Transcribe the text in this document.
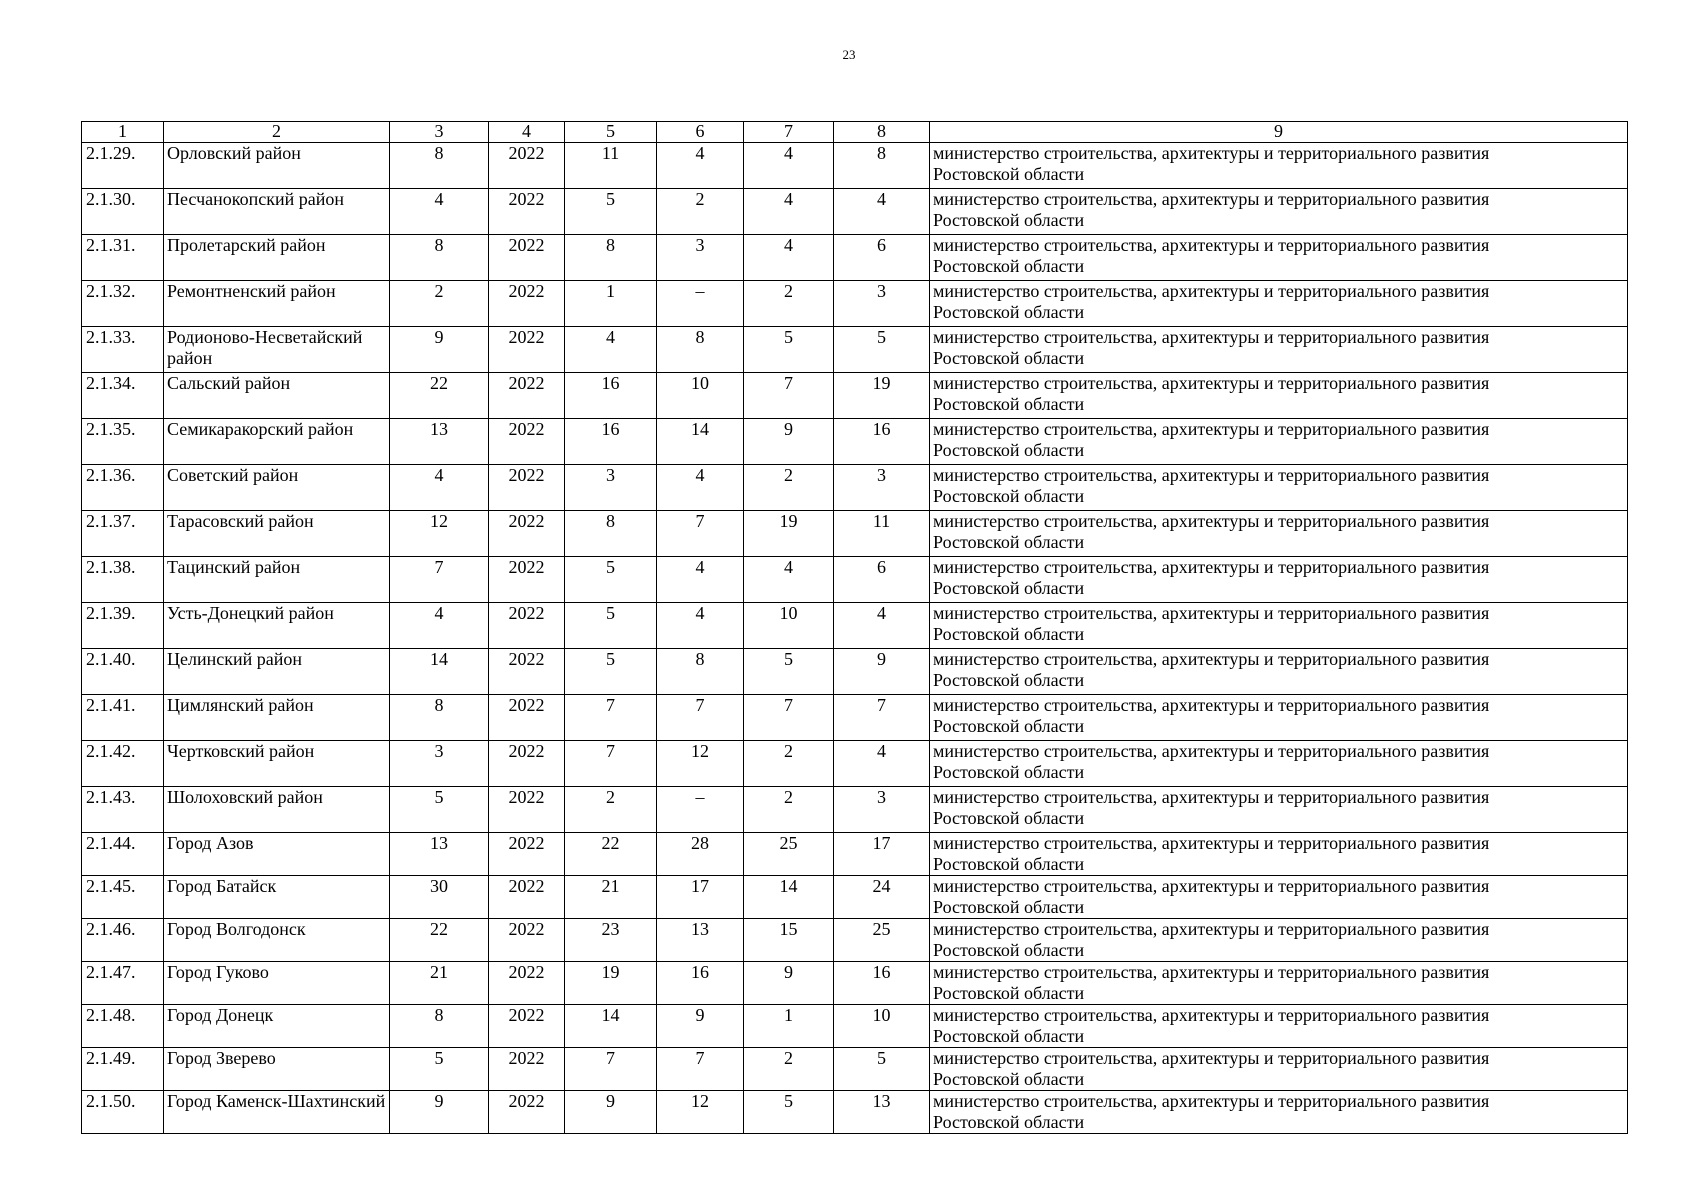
23
1	2	3	4	5	6	7	8	9
2.1.29.	Орловский район	8	2022	11	4	4	8	министерство строительства, архитектуры и территориального развития
Ростовской области

2.1.30.	Песчанокопский район	4	2022	5	2	4	4	министерство строительства, архитектуры и территориального развития
Ростовской области

2.1.31.	Пролетарский район	8	2022	8	3	4	6	министерство строительства, архитектуры и территориального развития
Ростовской области

2.1.32.	Ремонтненский район	2	2022	1	–	2	3	министерство строительства, архитектуры и территориального развития
Ростовской области

2.1.33.	Родионово-Несветайский район	9	2022	4	8	5	5	министерство строительства, архитектуры и территориального развития
Ростовской области

2.1.34.	Сальский район	22	2022	16	10	7	19	министерство строительства, архитектуры и территориального развития
Ростовской области

2.1.35.	Семикаракорский район	13	2022	16	14	9	16	министерство строительства, архитектуры и территориального развития
Ростовской области

2.1.36.	Советский район	4	2022	3	4	2	3	министерство строительства, архитектуры и территориального развития
Ростовской области

2.1.37.	Тарасовский район	12	2022	8	7	19	11	министерство строительства, архитектуры и территориального развития
Ростовской области

2.1.38.	Тацинский район	7	2022	5	4	4	6	министерство строительства, архитектуры и территориального развития
Ростовской области

2.1.39.	Усть-Донецкий район	4	2022	5	4	10	4	министерство строительства, архитектуры и территориального развития
Ростовской области

2.1.40.	Целинский район	14	2022	5	8	5	9	министерство строительства, архитектуры и территориального развития
Ростовской области

2.1.41.	Цимлянский район	8	2022	7	7	7	7	министерство строительства, архитектуры и территориального развития
Ростовской области

2.1.42.	Чертковский район	3	2022	7	12	2	4	министерство строительства, архитектуры и территориального развития
Ростовской области

2.1.43.	Шолоховский район	5	2022	2	–	2	3	министерство строительства, архитектуры и территориального развития
Ростовской области

2.1.44.	Город Азов	13	2022	22	28	25	17	министерство строительства, архитектуры и территориального развития
Ростовской области

2.1.45.	Город Батайск	30	2022	21	17	14	24	министерство строительства, архитектуры и территориального развития
Ростовской области

2.1.46.	Город Волгодонск	22	2022	23	13	15	25	министерство строительства, архитектуры и территориального развития
Ростовской области

2.1.47.	Город Гуково	21	2022	19	16	9	16	министерство строительства, архитектуры и территориального развития
Ростовской области

2.1.48.	Город Донецк	8	2022	14	9	1	10	министерство строительства, архитектуры и территориального развития
Ростовской области

2.1.49.	Город Зверево	5	2022	7	7	2	5	министерство строительства, архитектуры и территориального развития
Ростовской области

2.1.50.	Город Каменск-Шахтинский	9	2022	9	12	5	13	министерство строительства, архитектуры и территориального развития
Ростовской области
